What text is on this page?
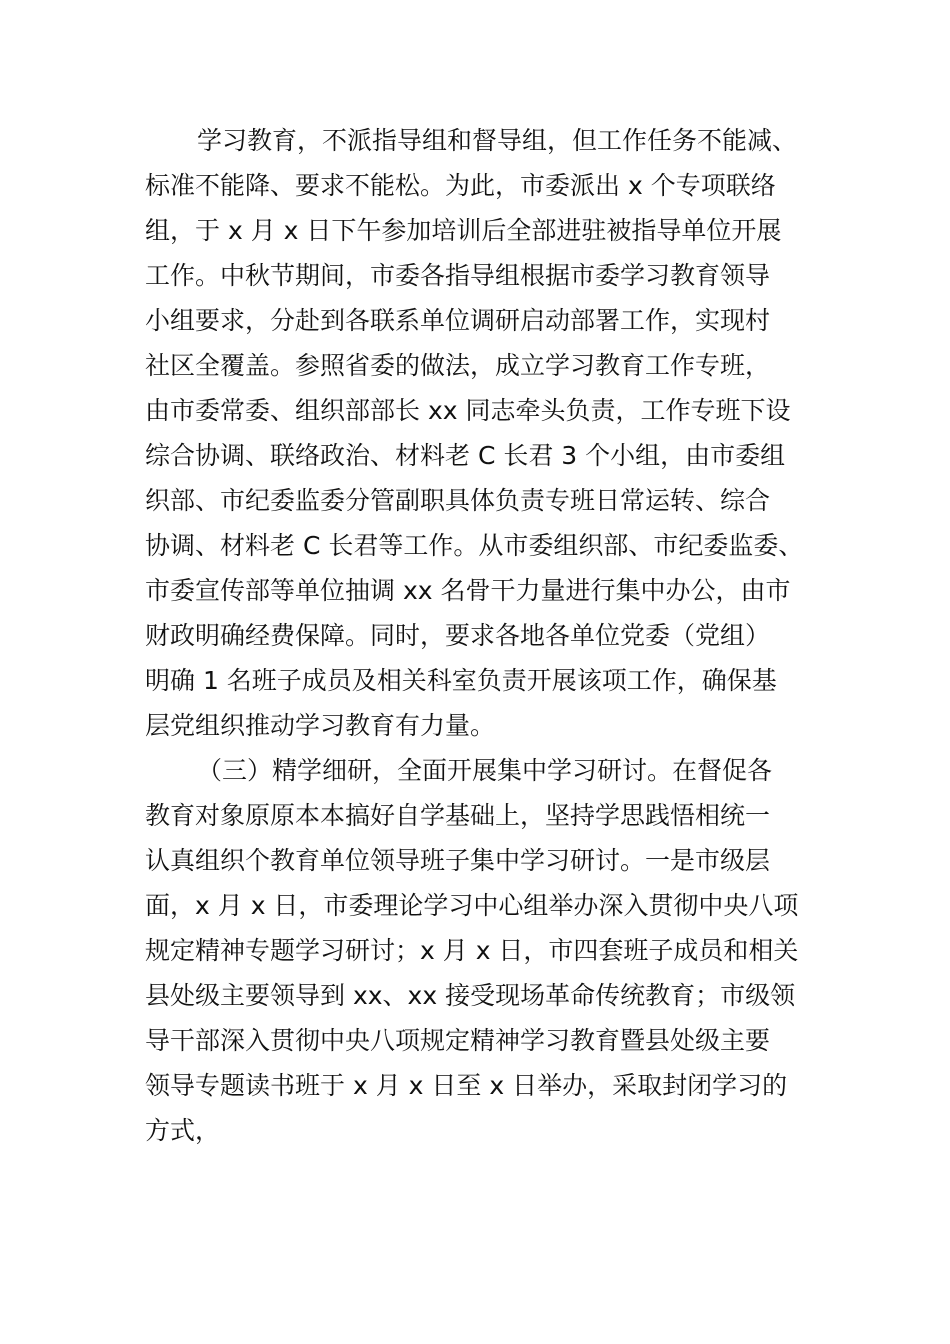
学习教育，不派指导组和督导组，但工作任务不能减、
标准不能降、要求不能松。为此，市委派出 x 个专项联络
组，于 x 月 x 日下午参加培训后全部进驻被指导单位开展
工作。中秋节期间，市委各指导组根据市委学习教育领导
小组要求，分赴到各联系单位调研启动部署工作，实现村
社区全覆盖。参照省委的做法，成立学习教育工作专班，
由市委常委、组织部部长 xx 同志牵头负责，工作专班下设
综合协调、联络政治、材料老 C 长君 3 个小组，由市委组
织部、市纪委监委分管副职具体负责专班日常运转、综合
协调、材料老 C 长君等工作。从市委组织部、市纪委监委、
市委宣传部等单位抽调 xx 名骨干力量进行集中办公，由市
财政明确经费保障。同时，要求各地各单位党委（党组）
明确 1 名班子成员及相关科室负责开展该项工作，确保基
层党组织推动学习教育有力量。
（三）精学细研，全面开展集中学习研讨。在督促各
教育对象原原本本搞好自学基础上，坚持学思践悟相统一
认真组织个教育单位领导班子集中学习研讨。一是市级层
面，x 月 x 日，市委理论学习中心组举办深入贯彻中央八项
规定精神专题学习研讨；x 月 x 日，市四套班子成员和相关
县处级主要领导到 xx、xx 接受现场革命传统教育；市级领
导干部深入贯彻中央八项规定精神学习教育暨县处级主要
领导专题读书班于 x 月 x 日至 x 日举办，采取封闭学习的
方式，
